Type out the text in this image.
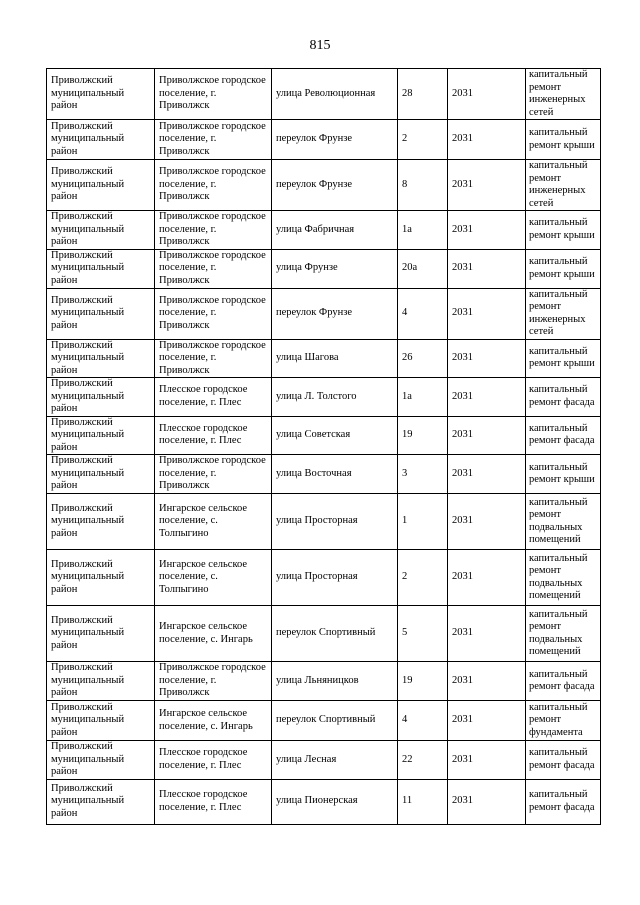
815
Приволжский муниципальный район	Приволжское городское поселение, г. Приволжск	улица Революционная	28	2031	капитальный ремонт инженерных сетей
Приволжский муниципальный район	Приволжское городское поселение, г. Приволжск	переулок Фрунзе	2	2031	капитальный ремонт крыши
Приволжский муниципальный район	Приволжское городское поселение, г. Приволжск	переулок Фрунзе	8	2031	капитальный ремонт инженерных сетей
Приволжский муниципальный район	Приволжское городское поселение, г. Приволжск	улица Фабричная	1а	2031	капитальный ремонт крыши
Приволжский муниципальный район	Приволжское городское поселение, г. Приволжск	улица Фрунзе	20а	2031	капитальный ремонт крыши
Приволжский муниципальный район	Приволжское городское поселение, г. Приволжск	переулок Фрунзе	4	2031	капитальный ремонт инженерных сетей
Приволжский муниципальный район	Приволжское городское поселение, г. Приволжск	улица Шагова	26	2031	капитальный ремонт крыши
Приволжский муниципальный район	Плесское городское поселение, г. Плес	улица Л. Толстого	1а	2031	капитальный ремонт фасада
Приволжский муниципальный район	Плесское городское поселение, г. Плес	улица Советская	19	2031	капитальный ремонт фасада
Приволжский муниципальный район	Приволжское городское поселение, г. Приволжск	улица Восточная	3	2031	капитальный ремонт крыши
Приволжский муниципальный район	Ингарское сельское поселение, с. Толпыгино	улица Просторная	1	2031	капитальный ремонт подвальных помещений
Приволжский муниципальный район	Ингарское сельское поселение, с. Толпыгино	улица Просторная	2	2031	капитальный ремонт подвальных помещений
Приволжский муниципальный район	Ингарское сельское поселение, с. Ингарь	переулок Спортивный	5	2031	капитальный ремонт подвальных помещений
Приволжский муниципальный район	Приволжское городское поселение, г. Приволжск	улица Льняницков	19	2031	капитальный ремонт фасада
Приволжский муниципальный район	Ингарское сельское поселение, с. Ингарь	переулок Спортивный	4	2031	капитальный ремонт фундамента
Приволжский муниципальный район	Плесское городское поселение, г. Плес	улица Лесная	22	2031	капитальный ремонт фасада
Приволжский муниципальный район	Плесское городское поселение, г. Плес	улица Пионерская	11	2031	капитальный ремонт фасада
